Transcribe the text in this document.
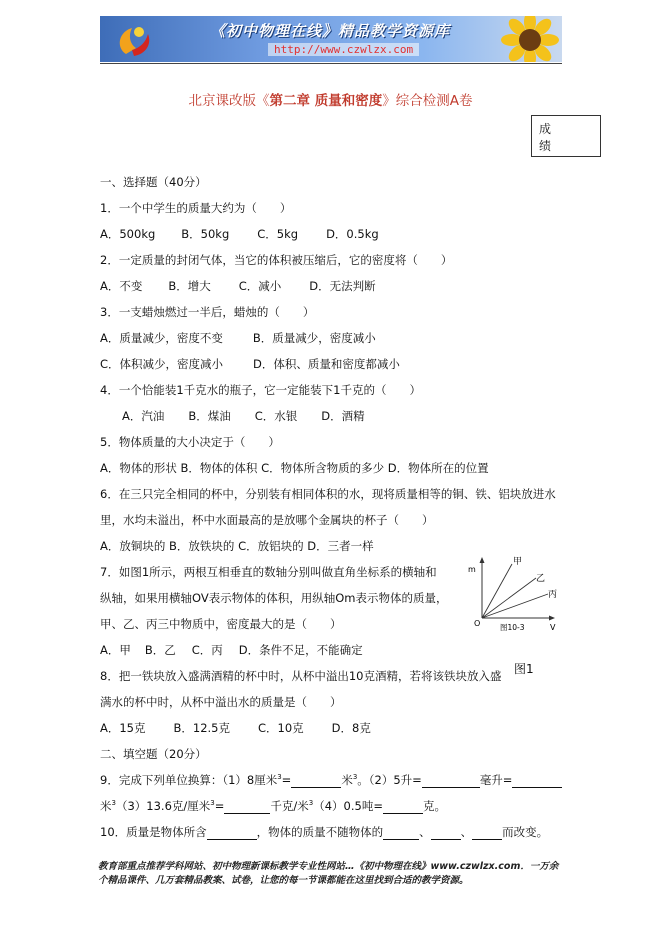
《初中物理在线》精品教学资源库
http://www.czwlzx.com
北京课改版《第二章 质量和密度》综合检测A卷
成
绩
一、选择题（40分）
1．一个中学生的质量大约为（　　）
A．500kg B．50kg C．5kg D．0.5kg
2．一定质量的封闭气体，当它的体积被压缩后，它的密度将（　　）
A．不变 B．增大 C．减小 D．无法判断
3．一支蜡烛燃过一半后，蜡烛的（　　）
A．质量减少，密度不变	B．质量减少，密度减小
C．体积减少，密度减小	D．体积、质量和密度都减小
4．一个恰能装1千克水的瓶子，它一定能装下1千克的（　　）
A．汽油 B．煤油 C．水银 D．酒精
5．物体质量的大小决定于（　　）
A．物体的形状 B．物体的体积 C．物体所含物质的多少 D．物体所在的位置
6．在三只完全相同的杯中，分别装有相同体积的水，现将质量相等的铜、铁、铝块放进水
里，水均未溢出，杯中水面最高的是放哪个金属块的杯子（　　）
A．放铜块的 B．放铁块的 C．放铝块的 D．三者一样
7．如图1所示，两根互相垂直的数轴分别叫做直角坐标系的横轴和
纵轴，如果用横轴OV表示物体的体积，用纵轴Om表示物体的质量，
甲、乙、丙三中物质中，密度最大的是（　　）
A．甲 B．乙 C．丙 D．条件不足，不能确定
m
V
O
甲
乙
丙
图10-3
图1
8．把一铁块放入盛满酒精的杯中时，从杯中溢出10克酒精，若将该铁块放入盛
满水的杯中时，从杯中溢出水的质量是（　　）
A．15克 B．12.5克 C．10克 D．8克
二、填空题（20分）
9．完成下列单位换算：（1）8厘米$^3$=	米$^3$。（2）5升=	毫升=
米$^3$（3）13.6克/厘米$^3$=	千克/米$^3$（4）0.5吨=	克。
10．质量是物体所含	，物体的质量不随物体的	、	、	而改变。
教育部重点推荐学科网站、初中物理新课标教学专业性网站…《初中物理在线》www.czwlzx.com．一万余
个精品课件、几万套精品教案、试卷，让您的每一节课都能在这里找到合适的教学资源。
